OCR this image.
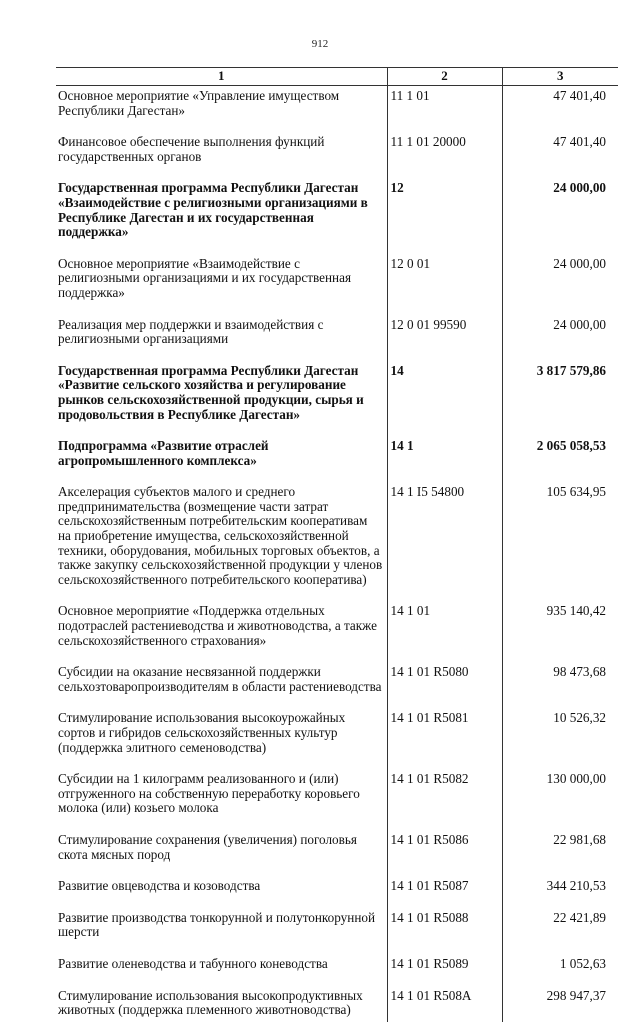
912
1	2	3
Основное мероприятие «Управление имуществом Республики Дагестан»	11 1 01	47 401,40
Финансовое обеспечение выполнения функций государственных органов	11 1 01 20000	47 401,40
Государственная программа Республики Дагестан «Взаимодействие с религиозными организациями в Республике Дагестан и их государственная поддержка»	12	24 000,00
Основное мероприятие «Взаимодействие с религиозными организациями и их государственная поддержка»	12 0 01	24 000,00
Реализация мер поддержки и взаимодействия с религиозными организациями	12 0 01 99590	24 000,00
Государственная программа Республики Дагестан «Развитие сельского хозяйства и регулирование рынков сельскохозяйственной продукции, сырья и продовольствия в Республике Дагестан»	14	3 817 579,86
Подпрограмма «Развитие отраслей агропромышленного комплекса»	14 1	2 065 058,53
Акселерация субъектов малого и среднего предпринимательства (возмещение части затрат сельскохозяйственным потребительским кооперативам на приобретение имущества, сельскохозяйственной техники, оборудования, мобильных торговых объектов, а также закупку сельскохозяйственной продукции у членов сельскохозяйственного потребительского кооператива)	14 1 I5 54800	105 634,95
Основное мероприятие «Поддержка отдельных подотраслей растениеводства и животноводства, а также сельскохозяйственного страхования»	14 1 01	935 140,42
Субсидии на оказание несвязанной поддержки сельхозтоваропроизводителям в области растениеводства	14 1 01 R5080	98 473,68
Стимулирование использования высокоурожайных сортов и гибридов сельскохозяйственных культур (поддержка элитного семеноводства)	14 1 01 R5081	10 526,32
Субсидии на 1 килограмм реализованного и (или) отгруженного на собственную переработку коровьего молока (или) козьего молока	14 1 01 R5082	130 000,00
Стимулирование сохранения (увеличения) поголовья скота мясных пород	14 1 01 R5086	22 981,68
Развитие овцеводства и козоводства	14 1 01 R5087	344 210,53
Развитие производства тонкорунной и полутонкорунной шерсти	14 1 01 R5088	22 421,89
Развитие оленеводства и табунного коневодства	14 1 01 R5089	1 052,63
Стимулирование использования высокопродуктивных животных (поддержка племенного животноводства)	14 1 01 R508A	298 947,37
